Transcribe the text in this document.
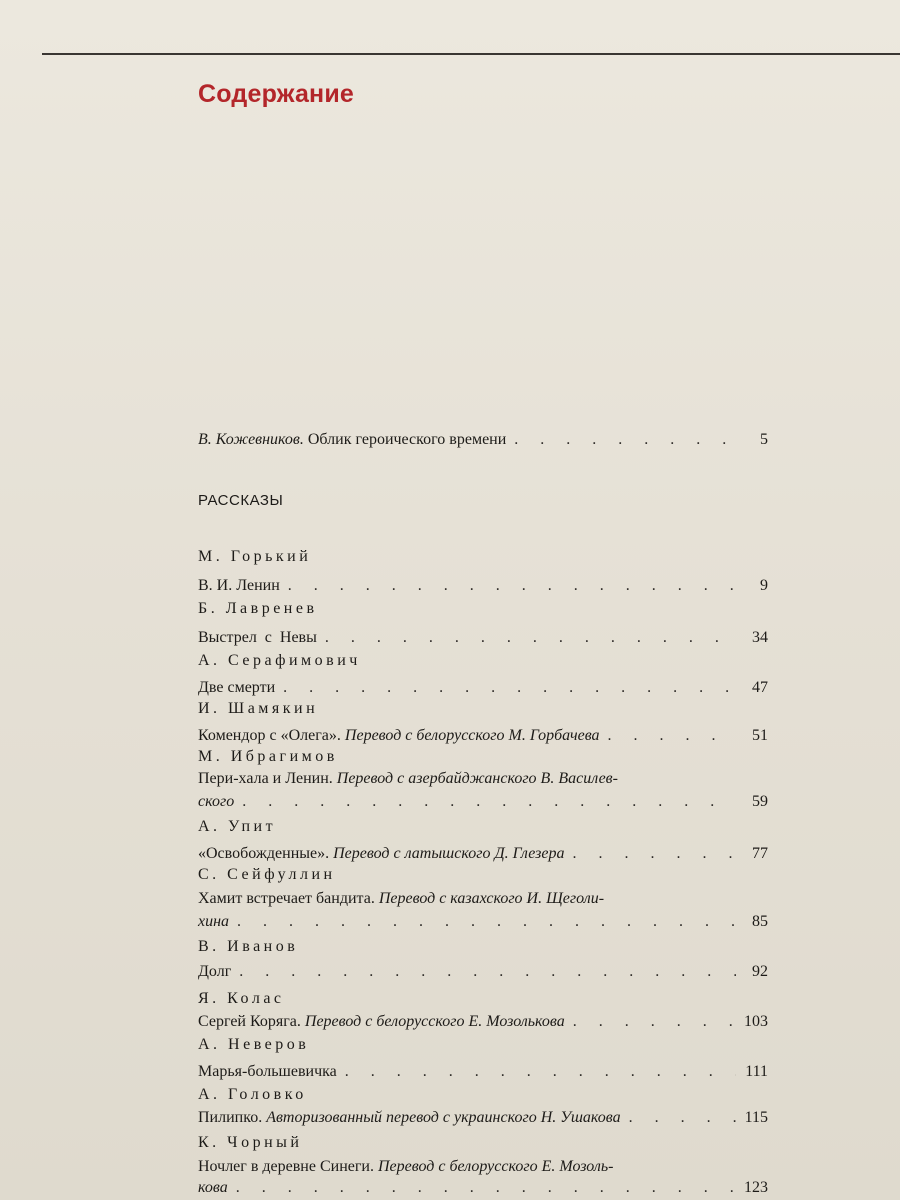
Содержание
В. Кожевников. Облик героического времени . . .	5
РАССКАЗЫ
М. Горький
В. И. Ленин . . .	9
Б. Лавренев
Выстрел с Невы . . .	34
А. Серафимович
Две смерти . . .	47
И. Шамякин
Комендор с «Олега». Перевод с белорусского М. Горбачева . . .	51
М. Ибрагимов
Пери-хала и Ленин. Перевод с азербайджанского В. Василев-
ского . . .	59
А. Упит
«Освобожденные». Перевод с латышского Д. Глезера . . .	77
С. Сейфуллин
Хамит встречает бандита. Перевод с казахского И. Щеголи-
хина . . .	85
В. Иванов
Долг . . .	92
Я. Колас
Сергей Коряга. Перевод с белорусского Е. Мозолькова . . .	103
А. Неверов
Марья-большевичка . . .	111
А. Головко
Пилипко. Авторизованный перевод с украинского Н. Ушакова . . .	115
К. Чорный
Ночлег в деревне Синеги. Перевод с белорусского Е. Мозоль-
кова . . .	123
